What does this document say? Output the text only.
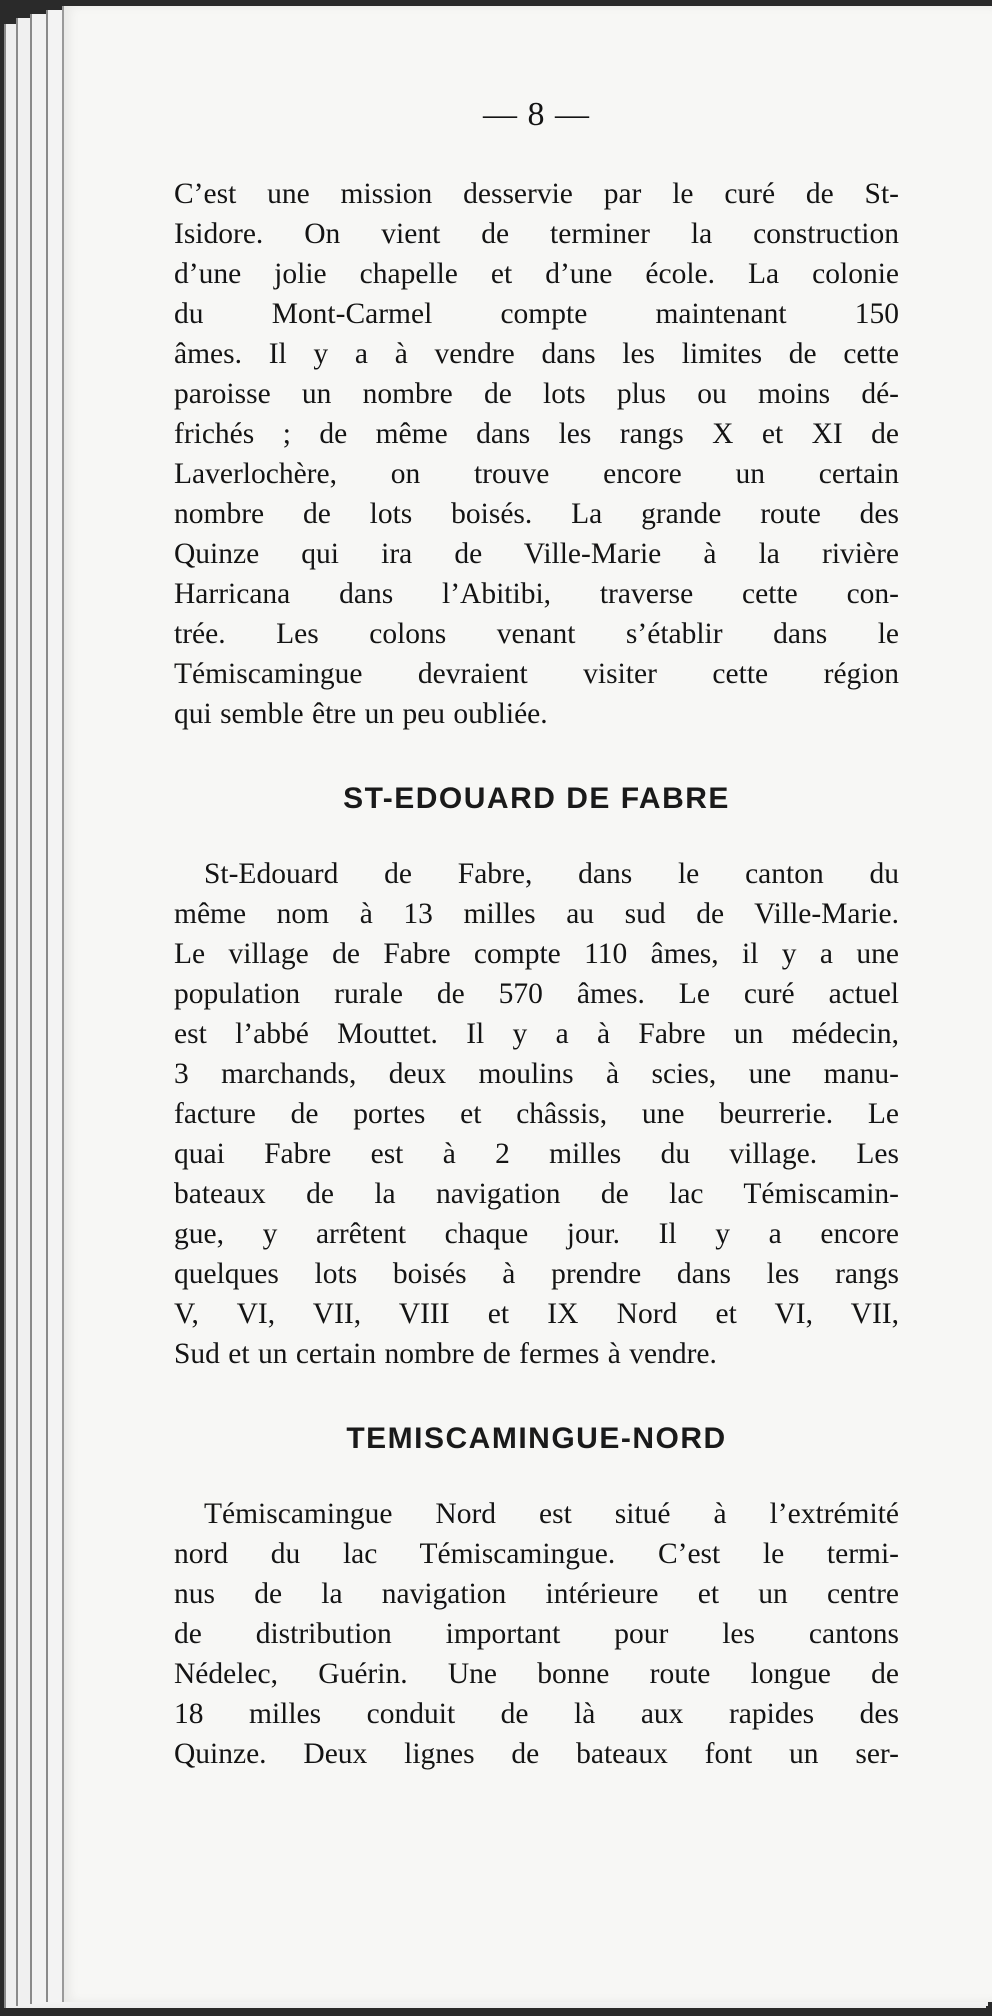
— 8 —
C’est une mission desservie par le curé de St-
Isidore. On vient de terminer la construction
d’une jolie chapelle et d’une école. La colonie
du Mont-Carmel compte maintenant 150
âmes. Il y a à vendre dans les limites de cette
paroisse un nombre de lots plus ou moins dé-
frichés ; de même dans les rangs X et XI de
Laverlochère, on trouve encore un certain
nombre de lots boisés. La grande route des
Quinze qui ira de Ville-Marie à la rivière
Harricana dans l’Abitibi, traverse cette con-
trée. Les colons venant s’établir dans le
Témiscamingue devraient visiter cette région
qui semble être un peu oubliée.
ST-EDOUARD DE FABRE
St-Edouard de Fabre, dans le canton du
même nom à 13 milles au sud de Ville-Marie.
Le village de Fabre compte 110 âmes, il y a une
population rurale de 570 âmes. Le curé actuel
est l’abbé Mouttet. Il y a à Fabre un médecin,
3 marchands, deux moulins à scies, une manu-
facture de portes et châssis, une beurrerie. Le
quai Fabre est à 2 milles du village. Les
bateaux de la navigation de lac Témiscamin-
gue, y arrêtent chaque jour. Il y a encore
quelques lots boisés à prendre dans les rangs
V, VI, VII, VIII et IX Nord et VI, VII,
Sud et un certain nombre de fermes à vendre.
TEMISCAMINGUE-NORD
Témiscamingue Nord est situé à l’extrémité
nord du lac Témiscamingue. C’est le termi-
nus de la navigation intérieure et un centre
de distribution important pour les cantons
Nédelec, Guérin. Une bonne route longue de
18 milles conduit de là aux rapides des
Quinze. Deux lignes de bateaux font un ser-
